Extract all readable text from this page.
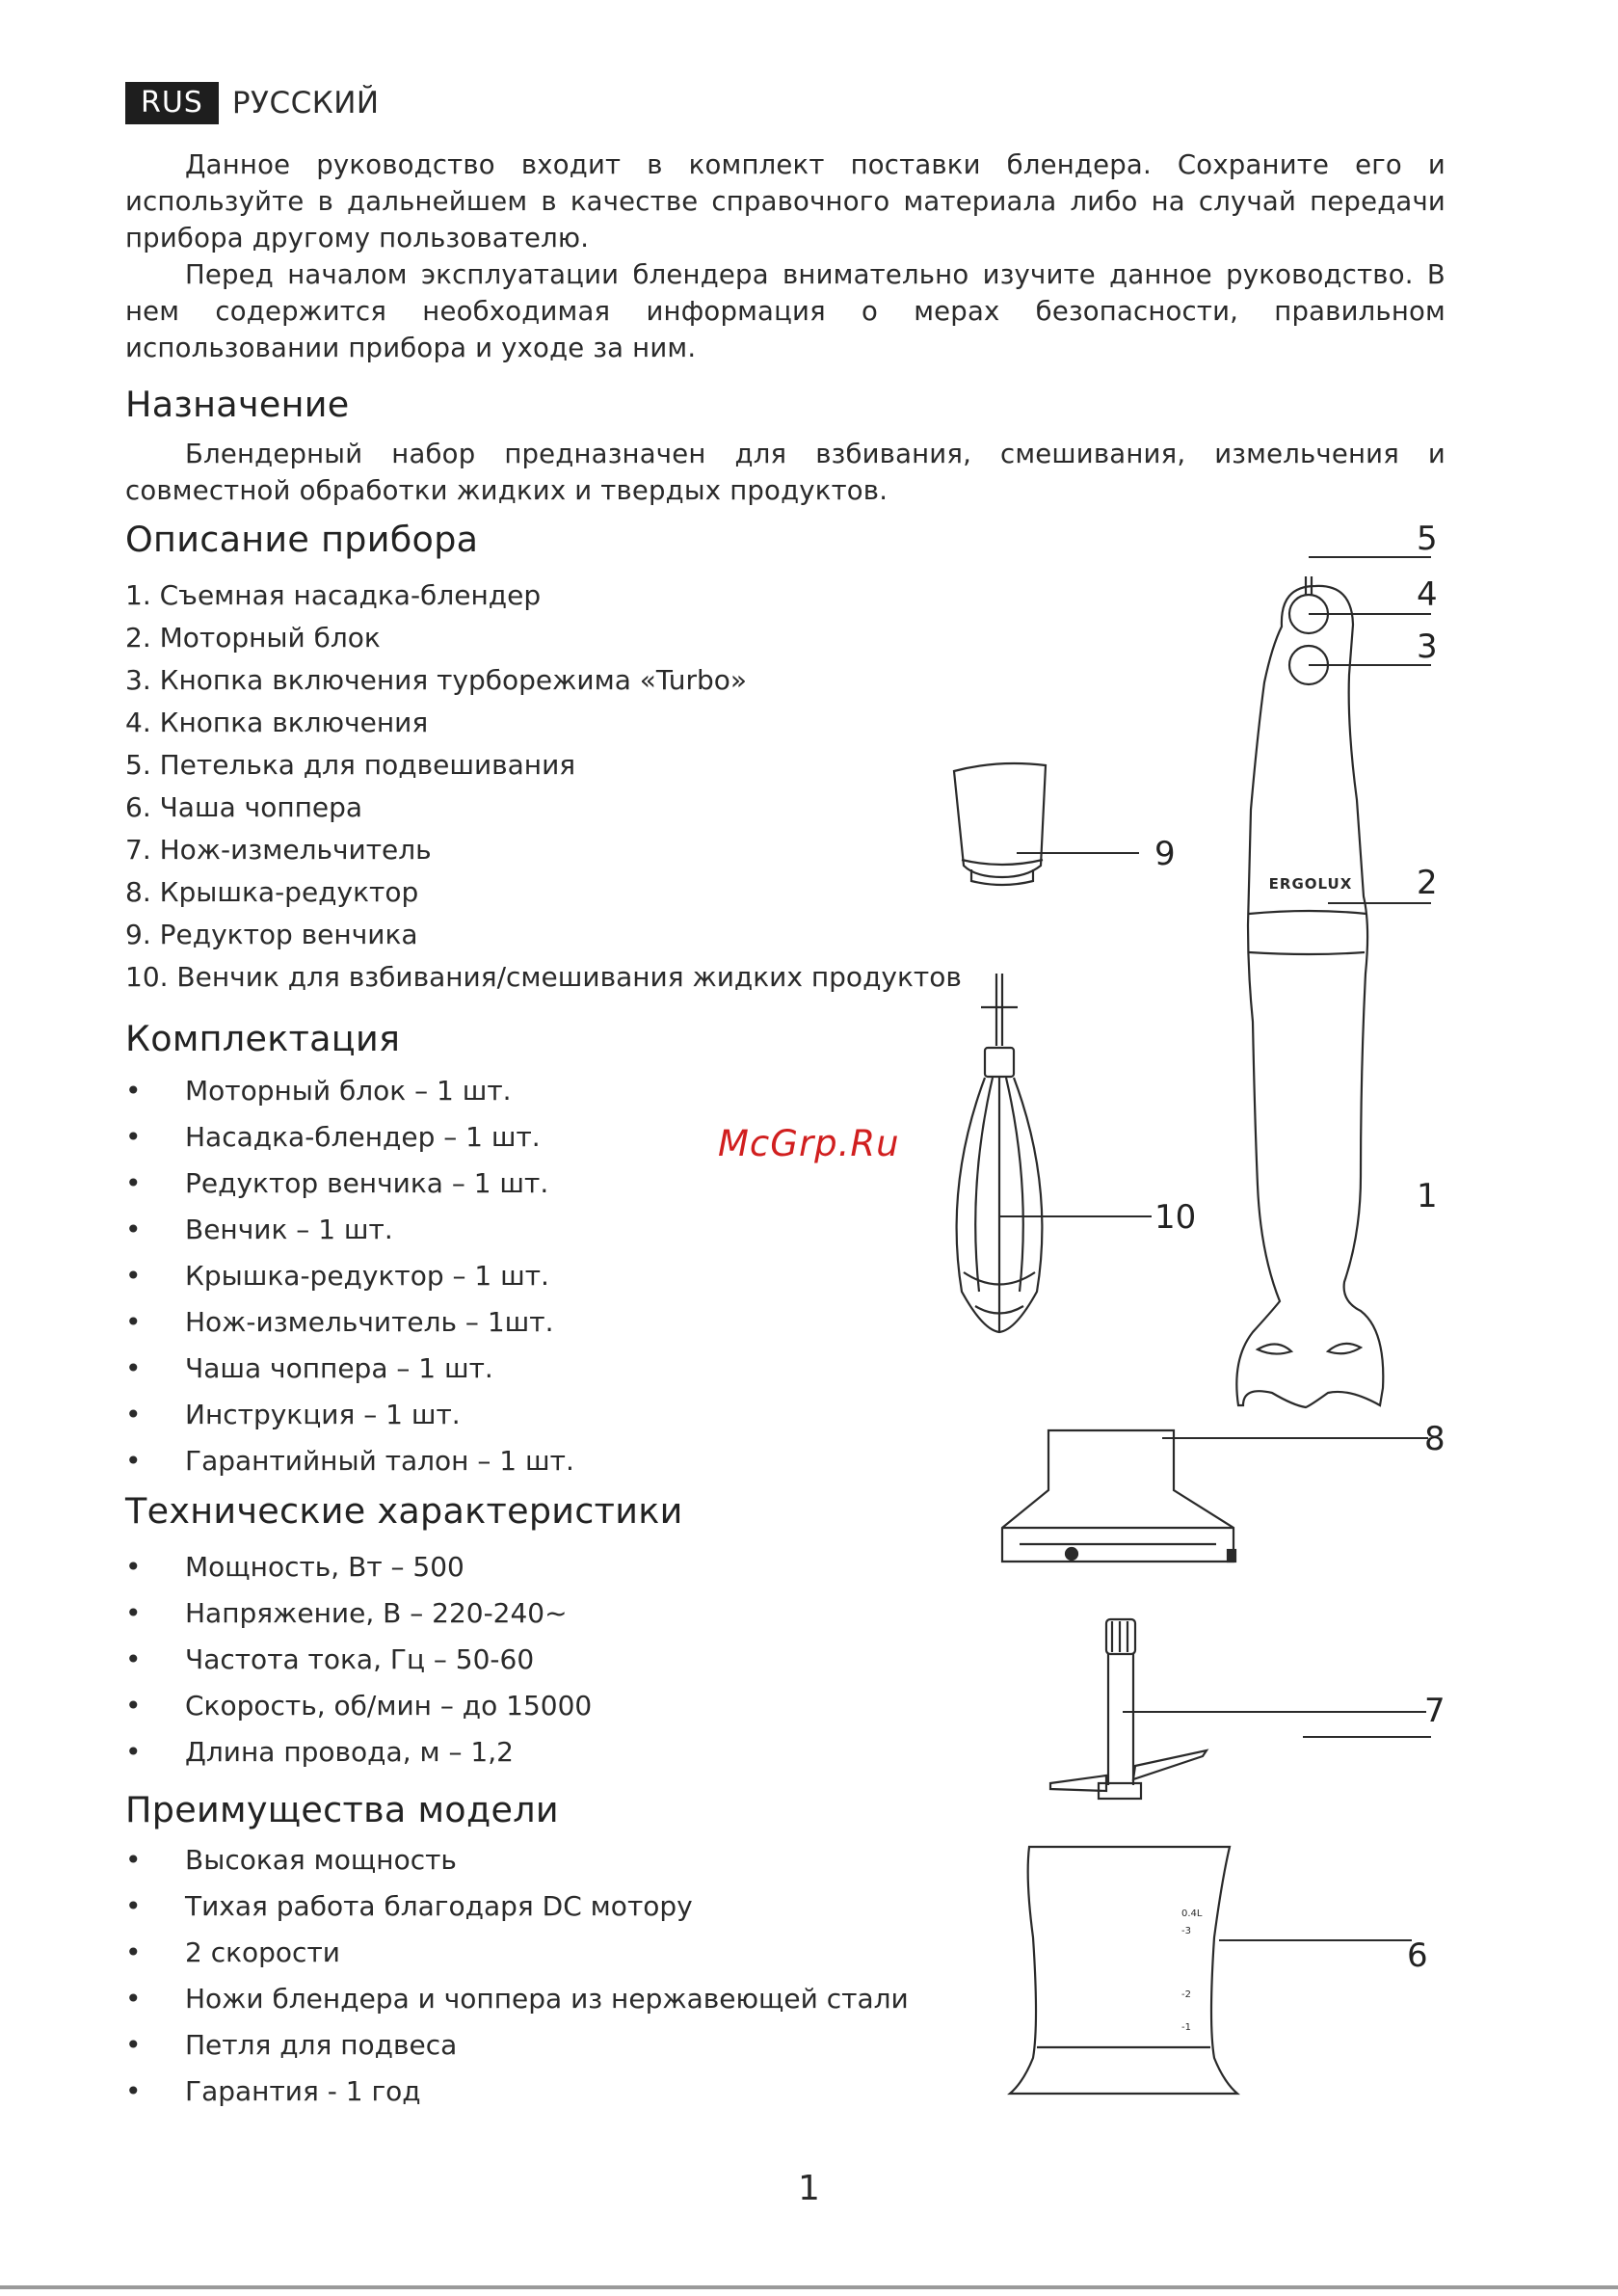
RUS РУССКИЙ

Данное руководство входит в комплект поставки блендера. Сохраните его и используйте в дальнейшем в качестве справочного материала либо на случай передачи прибора другому пользователю.

Перед началом эксплуатации блендера внимательно изучите данное руководство. В нем содержится необходимая информация о мерах безопасности, правильном использовании прибора и уходе за ним.

Назначение

Блендерный набор предназначен для взбивания, смешивания, измельчения и совместной обработки жидких и твердых продуктов.

Описание прибора
1. Съемная насадка-блендер
2. Моторный блок
3. Кнопка включения турборежима «Turbo»
4. Кнопка включения
5. Петелька для подвешивания
6. Чаша чоппера
7. Нож-измельчитель
8. Крышка-редуктор
9. Редуктор венчика
10. Венчик для взбивания/смешивания жидких продуктов
Комплектация
• Моторный блок – 1 шт.
• Насадка-блендер – 1 шт.
• Редуктор венчика – 1 шт.
• Венчик – 1 шт.
• Крышка-редуктор – 1 шт.
• Нож-измельчитель – 1шт.
• Чаша чоппера – 1 шт.
• Инструкция – 1 шт.
• Гарантийный талон – 1 шт.
Технические характеристики
• Мощность, Вт – 500
• Напряжение, В – 220-240~
• Частота тока, Гц – 50-60
• Скорость, об/мин – до 15000
• Длина провода, м – 1,2
Преимущества модели
• Высокая мощность
• Тихая работа благодаря DC мотору
• 2 скорости
• Ножи блендера и чоппера из нержавеющей стали
• Петля для подвеса
• Гарантия - 1 год
ERGOLUX
0.4L
-3
-2
-1
1
2
3
4
5
6
7
8
9
10
McGrp.Ru
1
